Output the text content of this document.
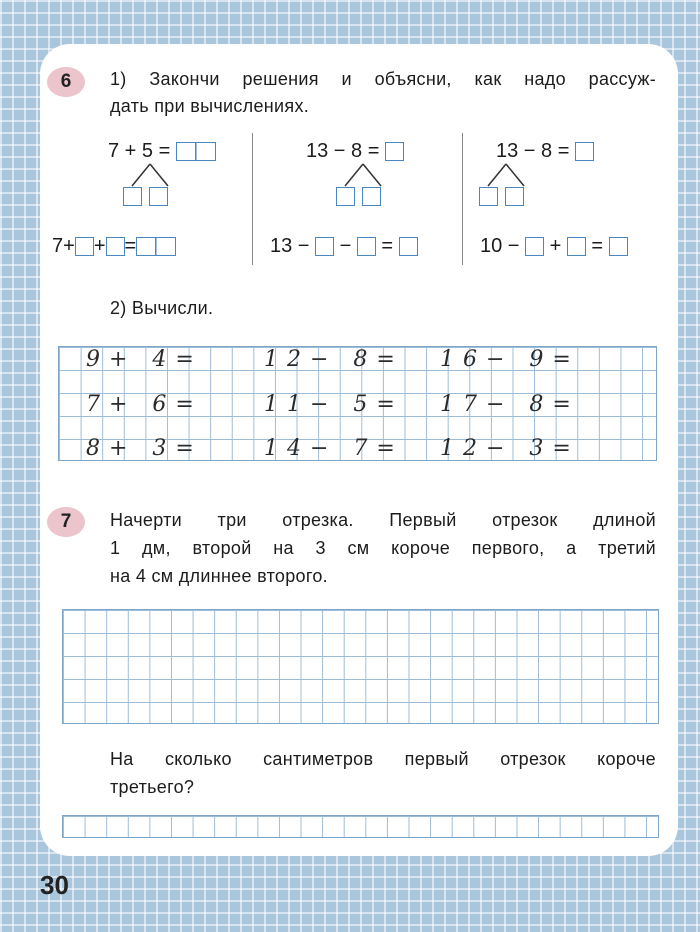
6 1) Закончи решения и объясни, как надо рассуж-
дать при вычислениях.
7 + 5 =

7+ + =
13 − 8 =

13 −

−

=

13 − 8 =

10 −

+

=

2) Вычисли.
9+ 4=	12− 8= 16− 9=
7+ 6=	11− 5= 17− 8=
8+ 3=	14− 7= 12− 3=
7 Начерти три отрезка. Первый отрезок длиной
1 дм, второй на 3 см короче первого, а третий
на 4 см длиннее второго.
На сколько сантиметров первый отрезок короче
третьего?
30
